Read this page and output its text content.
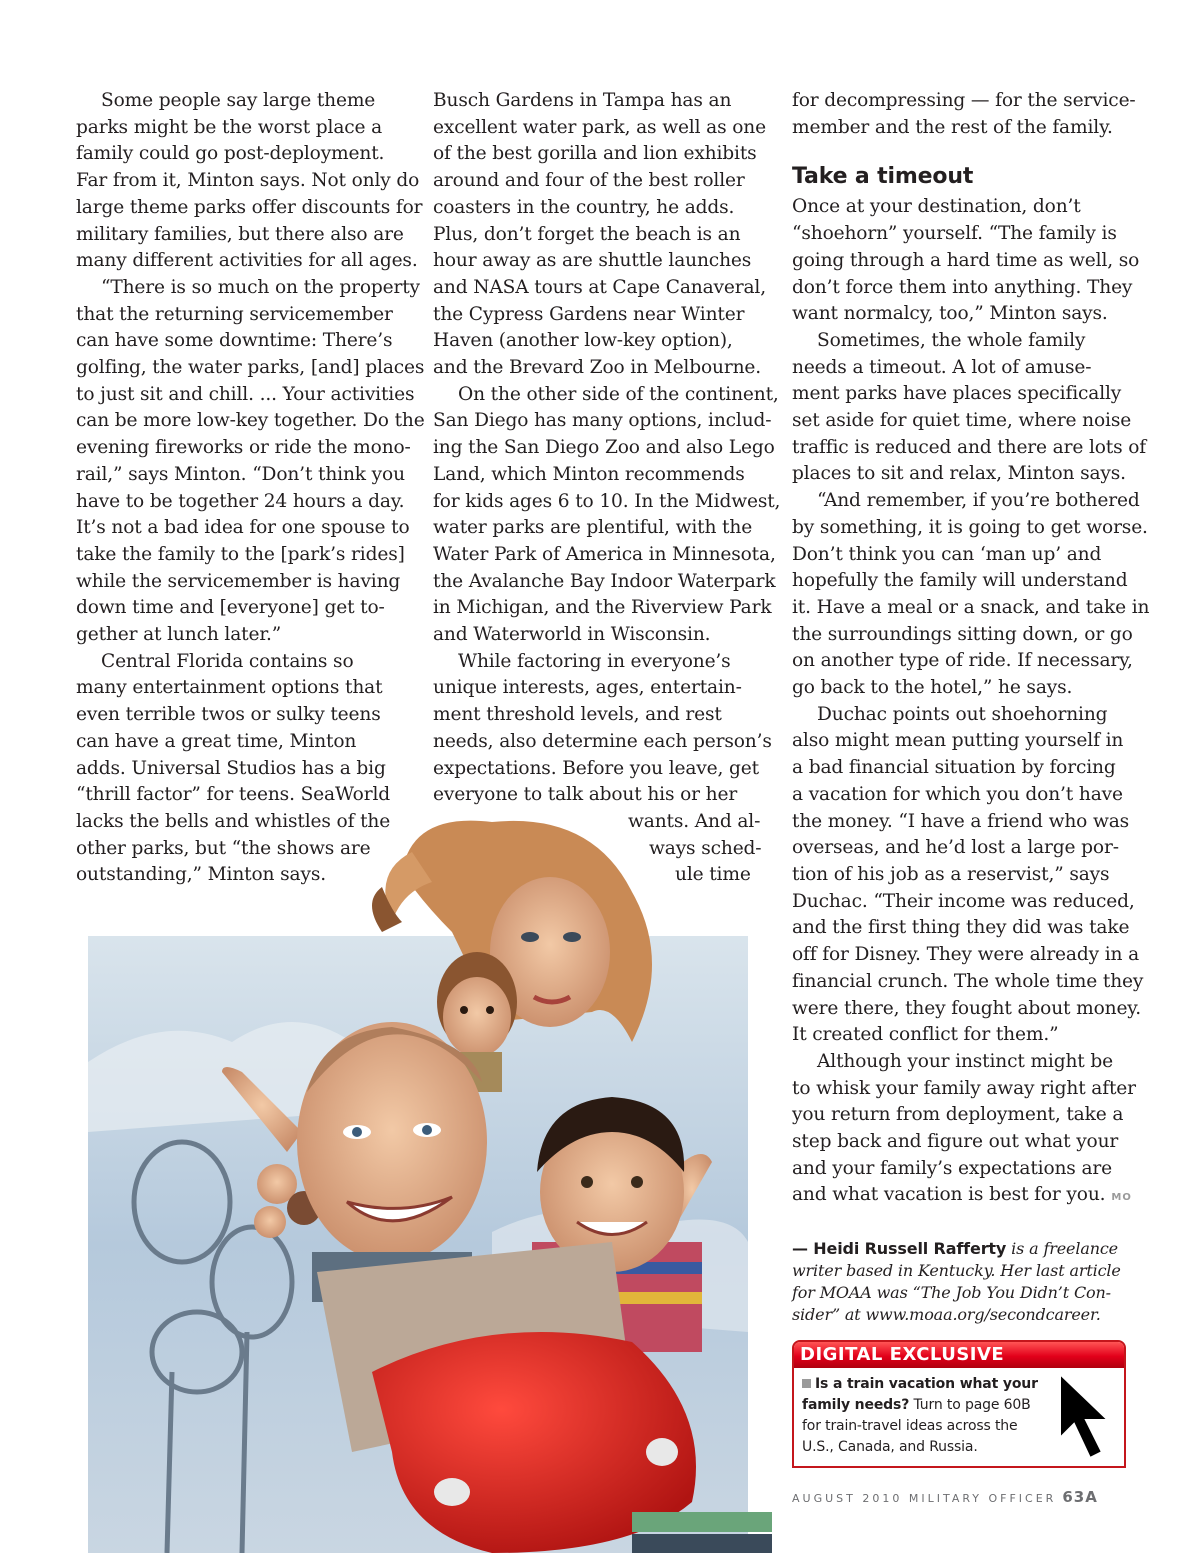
Some people say large theme

parks might be the worst place a

family could go post-deployment.

Far from it, Minton says. Not only do

large theme parks offer discounts for

military families, but there also are

many different activities for all ages.

“There is so much on the property

that the returning servicemember

can have some downtime: There’s

golfing, the water parks, [and] places

to just sit and chill. ... Your activities

can be more low-key together. Do the

evening fireworks or ride the mono-

rail,” says Minton. “Don’t think you

have to be together 24 hours a day.

It’s not a bad idea for one spouse to

take the family to the [park’s rides]

while the servicemember is having

down time and [everyone] get to-

gether at lunch later.”

Central Florida contains so

many entertainment options that

even terrible twos or sulky teens

can have a great time, Minton

adds. Universal Studios has a big

“thrill factor” for teens. SeaWorld

lacks the bells and whistles of the

other parks, but “the shows are

outstanding,” Minton says.

Busch Gardens in Tampa has an

excellent water park, as well as one

of the best gorilla and lion exhibits

around and four of the best roller

coasters in the country, he adds.

Plus, don’t forget the beach is an

hour away as are shuttle launches

and NASA tours at Cape Canaveral,

the Cypress Gardens near Winter

Haven (another low-key option),

and the Brevard Zoo in Melbourne.

On the other side of the continent,

San Diego has many options, includ-

ing the San Diego Zoo and also Lego

Land, which Minton recommends

for kids ages 6 to 10. In the Midwest,

water parks are plentiful, with the

Water Park of America in Minnesota,

the Avalanche Bay Indoor Waterpark

in Michigan, and the Riverview Park

and Waterworld in Wisconsin.

While factoring in everyone’s

unique interests, ages, entertain-

ment threshold levels, and rest

needs, also determine each person’s

expectations. Before you leave, get

everyone to talk about his or her

wants. And al-

ways sched-

ule time

for decompressing — for the service-

member and the rest of the family.

Take a timeout

Once at your destination, don’t

“shoehorn” yourself. “The family is

going through a hard time as well, so

don’t force them into anything. They

want normalcy, too,” Minton says.

Sometimes, the whole family

needs a timeout. A lot of amuse-

ment parks have places specifically

set aside for quiet time, where noise

traffic is reduced and there are lots of

places to sit and relax, Minton says.

“And remember, if you’re bothered

by something, it is going to get worse.

Don’t think you can ‘man up’ and

hopefully the family will understand

it. Have a meal or a snack, and take in

the surroundings sitting down, or go

on another type of ride. If necessary,

go back to the hotel,” he says.

Duchac points out shoehorning

also might mean putting yourself in

a bad financial situation by forcing

a vacation for which you don’t have

the money. “I have a friend who was

overseas, and he’d lost a large por-

tion of his job as a reservist,” says

Duchac. “Their income was reduced,

and the first thing they did was take

off for Disney. They were already in a

financial crunch. The whole time they

were there, they fought about money.

It created conflict for them.”

Although your instinct might be

to whisk your family away right after

you return from deployment, take a

step back and figure out what your

and your family’s expectations are

and what vacation is best for you. MO

— Heidi Russell Rafferty is a freelance
writer based in Kentucky. Her last article
for MOAA was “The Job You Didn’t Con-
sider” at www.moaa.org/secondcareer.
DIGITAL EXCLUSIVE
Is a train vacation what your
family needs? Turn to page 60B
for train-travel ideas across the
U.S., Canada, and Russia.
AUGUST 2010 MILITARY OFFICER 63A
